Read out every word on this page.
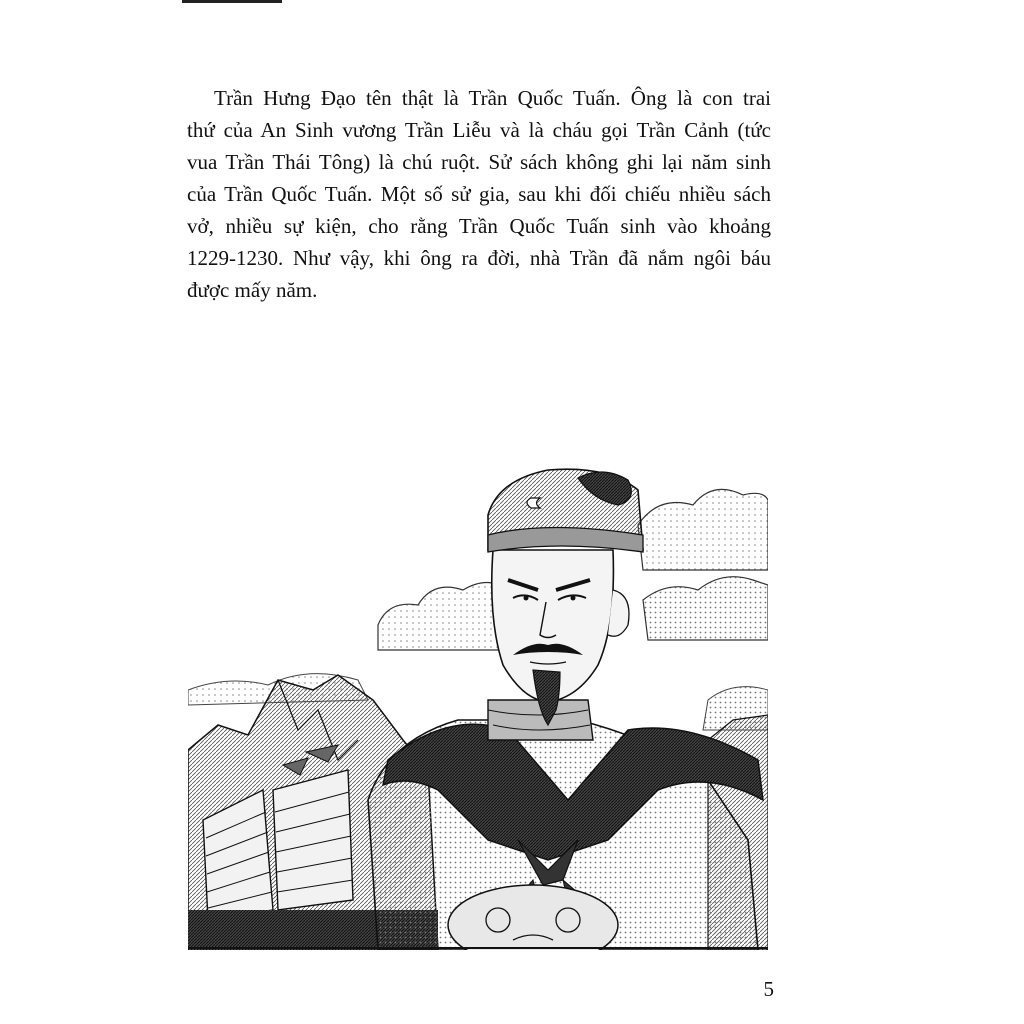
Trần Hưng Đạo tên thật là Trần Quốc Tuấn. Ông là con trai
thứ của An Sinh vương Trần Liễu và là cháu gọi Trần Cảnh (tức
vua Trần Thái Tông) là chú ruột. Sử sách không ghi lại năm sinh
của Trần Quốc Tuấn. Một số sử gia, sau khi đối chiếu nhiều sách
vở, nhiều sự kiện, cho rằng Trần Quốc Tuấn sinh vào khoảng
1229-1230. Như vậy, khi ông ra đời, nhà Trần đã nắm ngôi báu
được mấy năm.
5
